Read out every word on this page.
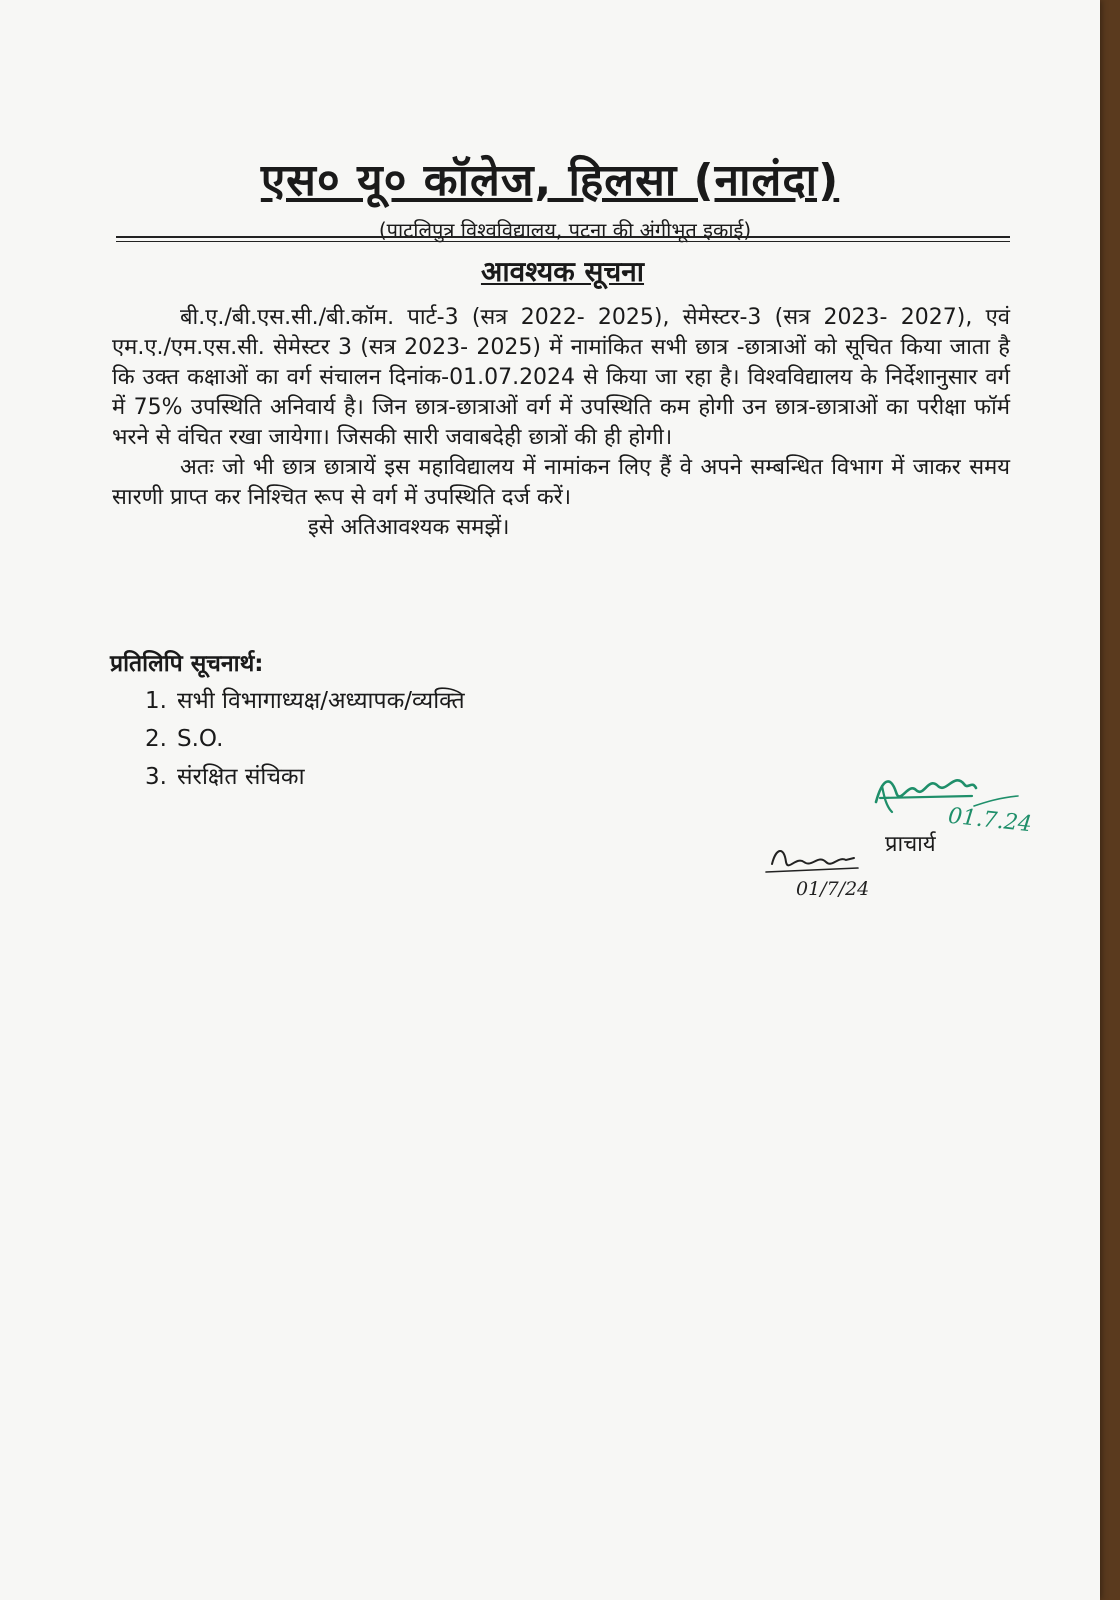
एस० यू० कॉलेज, हिलसा (नालंदा)
(पाटलिपुत्र विश्वविद्यालय, पटना की अंगीभूत इकाई)
आवश्यक सूचना

बी.ए./बी.एस.सी./बी.कॉम. पार्ट-3 (सत्र 2022- 2025), सेमेस्टर-3 (सत्र 2023- 2027), एवं एम.ए./एम.एस.सी. सेमेस्टर 3 (सत्र 2023- 2025) में नामांकित सभी छात्र -छात्राओं को सूचित किया जाता है कि उक्त कक्षाओं का वर्ग संचालन दिनांक-01.07.2024 से किया जा रहा है। विश्वविद्यालय के निर्देशानुसार वर्ग में 75% उपस्थिति अनिवार्य है। जिन छात्र-छात्राओं वर्ग में उपस्थिति कम होगी उन छात्र-छात्राओं का परीक्षा फॉर्म भरने से वंचित रखा जायेगा। जिसकी सारी जवाबदेही छात्रों की ही होगी।

अतः जो भी छात्र छात्रायें इस महाविद्यालय में नामांकन लिए हैं वे अपने सम्बन्धित विभाग में जाकर समय सारणी प्राप्त कर निश्चित रूप से वर्ग में उपस्थिति दर्ज करें।

इसे अतिआवश्यक समझें।

प्रतिलिपि सूचनार्थ:
1. सभी विभागाध्यक्ष/अध्यापक/व्यक्ति
2. S.O.
3. संरक्षित संचिका
01.7.24
प्राचार्य
01/7/24
